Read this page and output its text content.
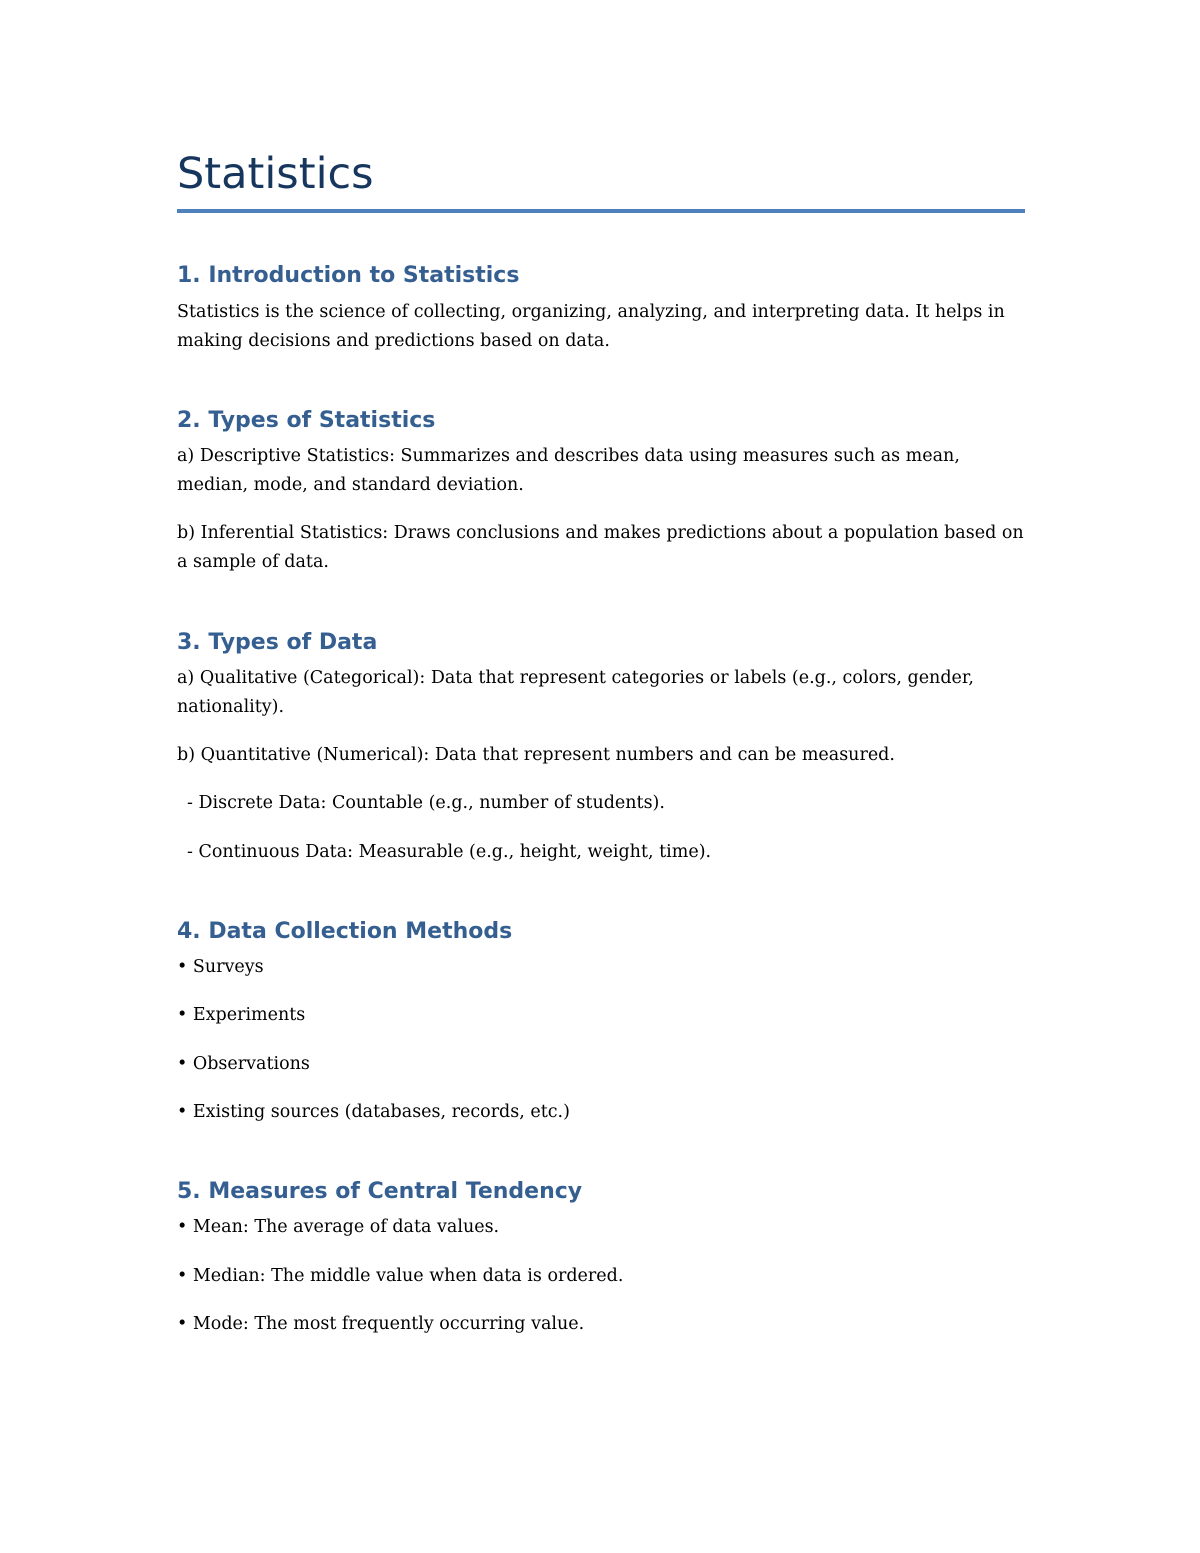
Statistics
1. Introduction to Statistics

Statistics is the science of collecting, organizing, analyzing, and interpreting data. It helps in making decisions and predictions based on data.

2. Types of Statistics

a) Descriptive Statistics: Summarizes and describes data using measures such as mean, median, mode, and standard deviation.

b) Inferential Statistics: Draws conclusions and makes predictions about a population based on a sample of data.

3. Types of Data

a) Qualitative (Categorical): Data that represent categories or labels (e.g., colors, gender, nationality).

b) Quantitative (Numerical): Data that represent numbers and can be measured.

- Discrete Data: Countable (e.g., number of students).

- Continuous Data: Measurable (e.g., height, weight, time).

4. Data Collection Methods

• Surveys

• Experiments

• Observations

• Existing sources (databases, records, etc.)

5. Measures of Central Tendency

• Mean: The average of data values.

• Median: The middle value when data is ordered.

• Mode: The most frequently occurring value.
